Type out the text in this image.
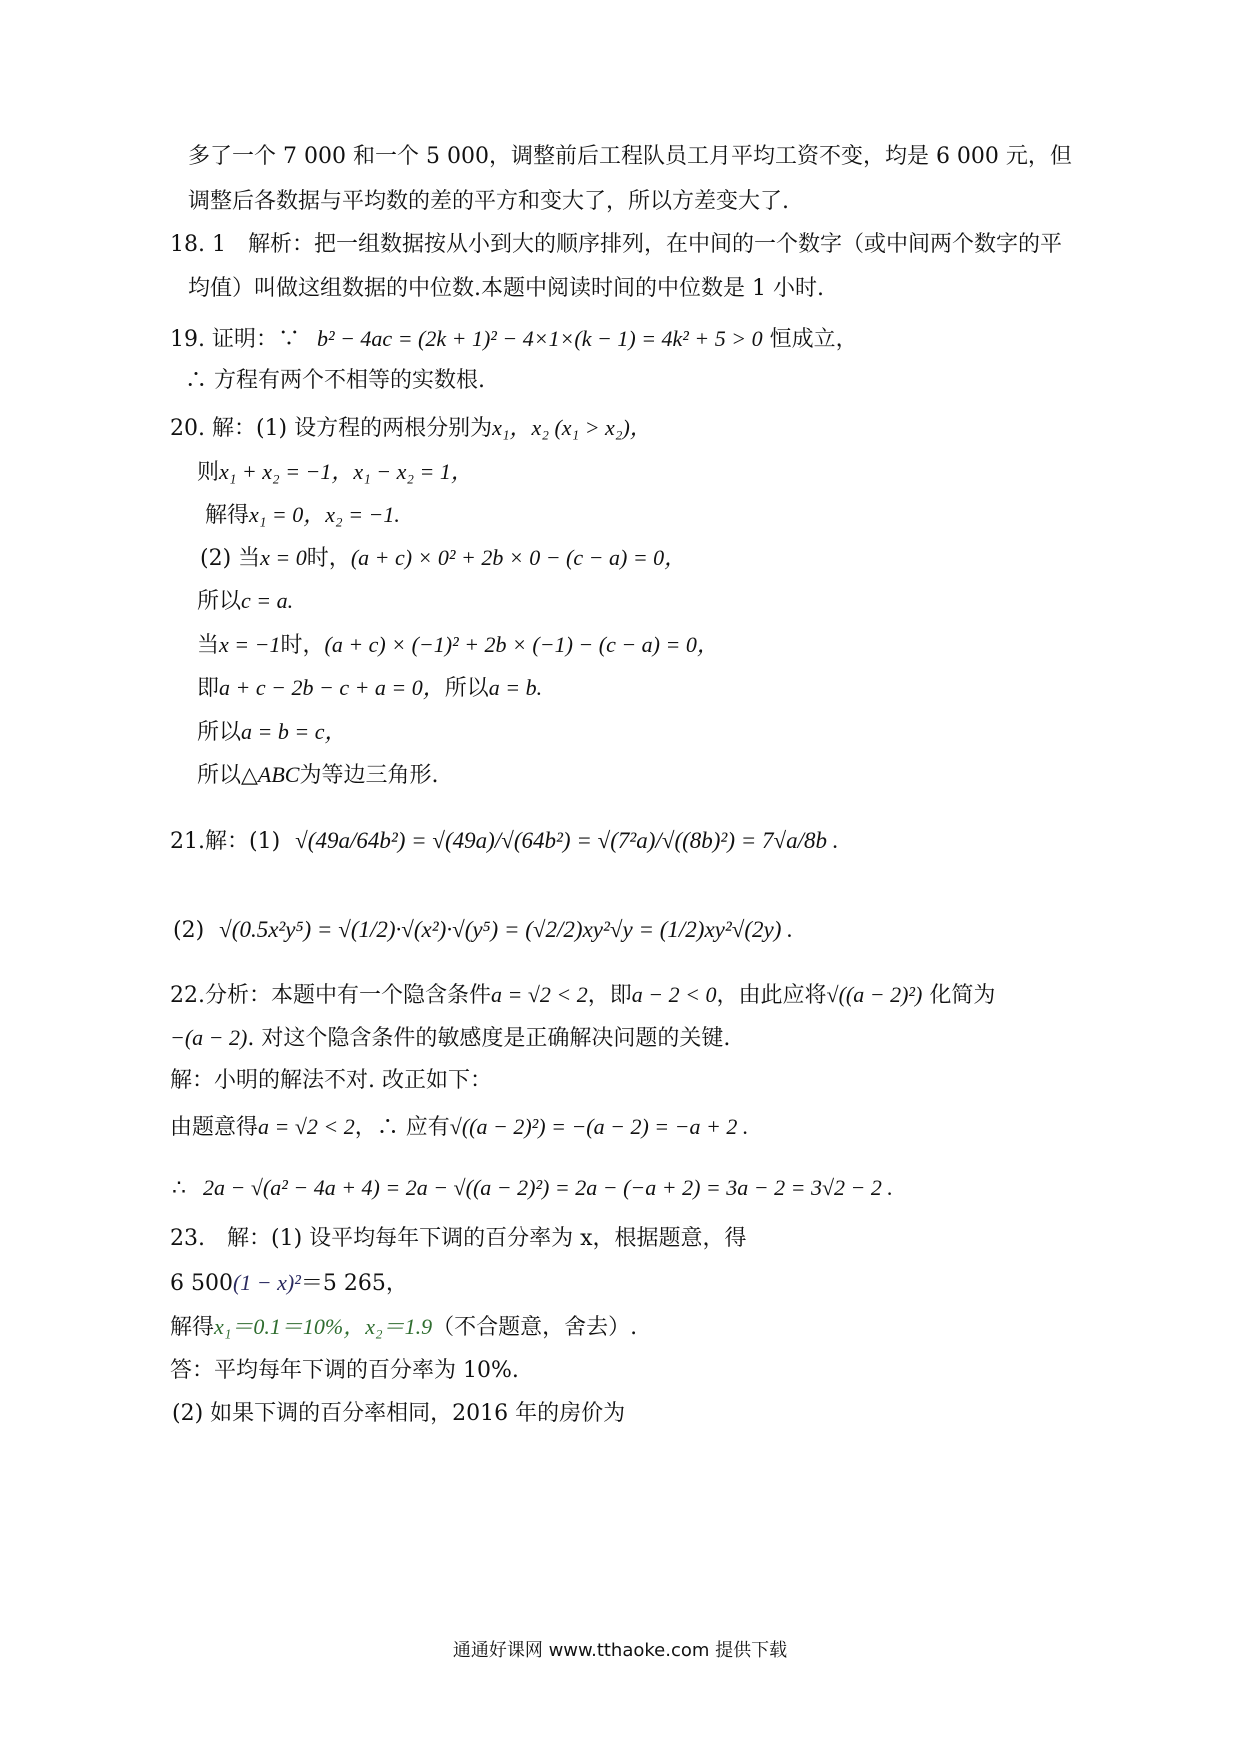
多了一个 7 000 和一个 5 000，调整前后工程队员工月平均工资不变，均是 6 000 元，但
调整后各数据与平均数的差的平方和变大了，所以方差变大了.
18. 1　解析：把一组数据按从小到大的顺序排列，在中间的一个数字（或中间两个数字的平
均值）叫做这组数据的中位数.本题中阅读时间的中位数是 1 小时.
19. 证明：∵ b² − 4ac = (2k + 1)² − 4×1×(k − 1) = 4k² + 5 > 0 恒成立，
∴ 方程有两个不相等的实数根.
20. 解：(1) 设方程的两根分别为x₁，x₂ (x₁ > x₂)，
则x₁ + x₂ = −1，x₁ − x₂ = 1，
解得x₁ = 0，x₂ = −1.
(2) 当x = 0时，(a + c) × 0² + 2b × 0 − (c − a) = 0，
所以c = a.
当x = −1时，(a + c) × (−1)² + 2b × (−1) − (c − a) = 0，
即a + c − 2b − c + a = 0，所以a = b.
所以a = b = c，
所以△ABC为等边三角形.
21.解：(1) √(49a/64b²) = √(49a)/√(64b²) = √(7²a)/√((8b)²) = 7√a/8b .
(2) √(0.5x²y⁵) = √(1/2)·√(x²)·√(y⁵) = (√2/2)xy²√y = (1/2)xy²√(2y) .
22.分析：本题中有一个隐含条件a = √2 < 2，即a − 2 < 0，由此应将√((a − 2)²) 化简为
−(a − 2). 对这个隐含条件的敏感度是正确解决问题的关键.
解：小明的解法不对. 改正如下：
由题意得a = √2 < 2，∴ 应有√((a − 2)²) = −(a − 2) = −a + 2 .
∴ 2a − √(a² − 4a + 4) = 2a − √((a − 2)²) = 2a − (−a + 2) = 3a − 2 = 3√2 − 2 .
23.　解：(1) 设平均每年下调的百分率为 x，根据题意，得
6 500(1 − x)²＝5 265，
解得x₁＝0.1＝10%，x₂＝1.9（不合题意，舍去）.
答：平均每年下调的百分率为 10%.
(2) 如果下调的百分率相同，2016 年的房价为
通通好课网 www.tthaoke.com 提供下载
